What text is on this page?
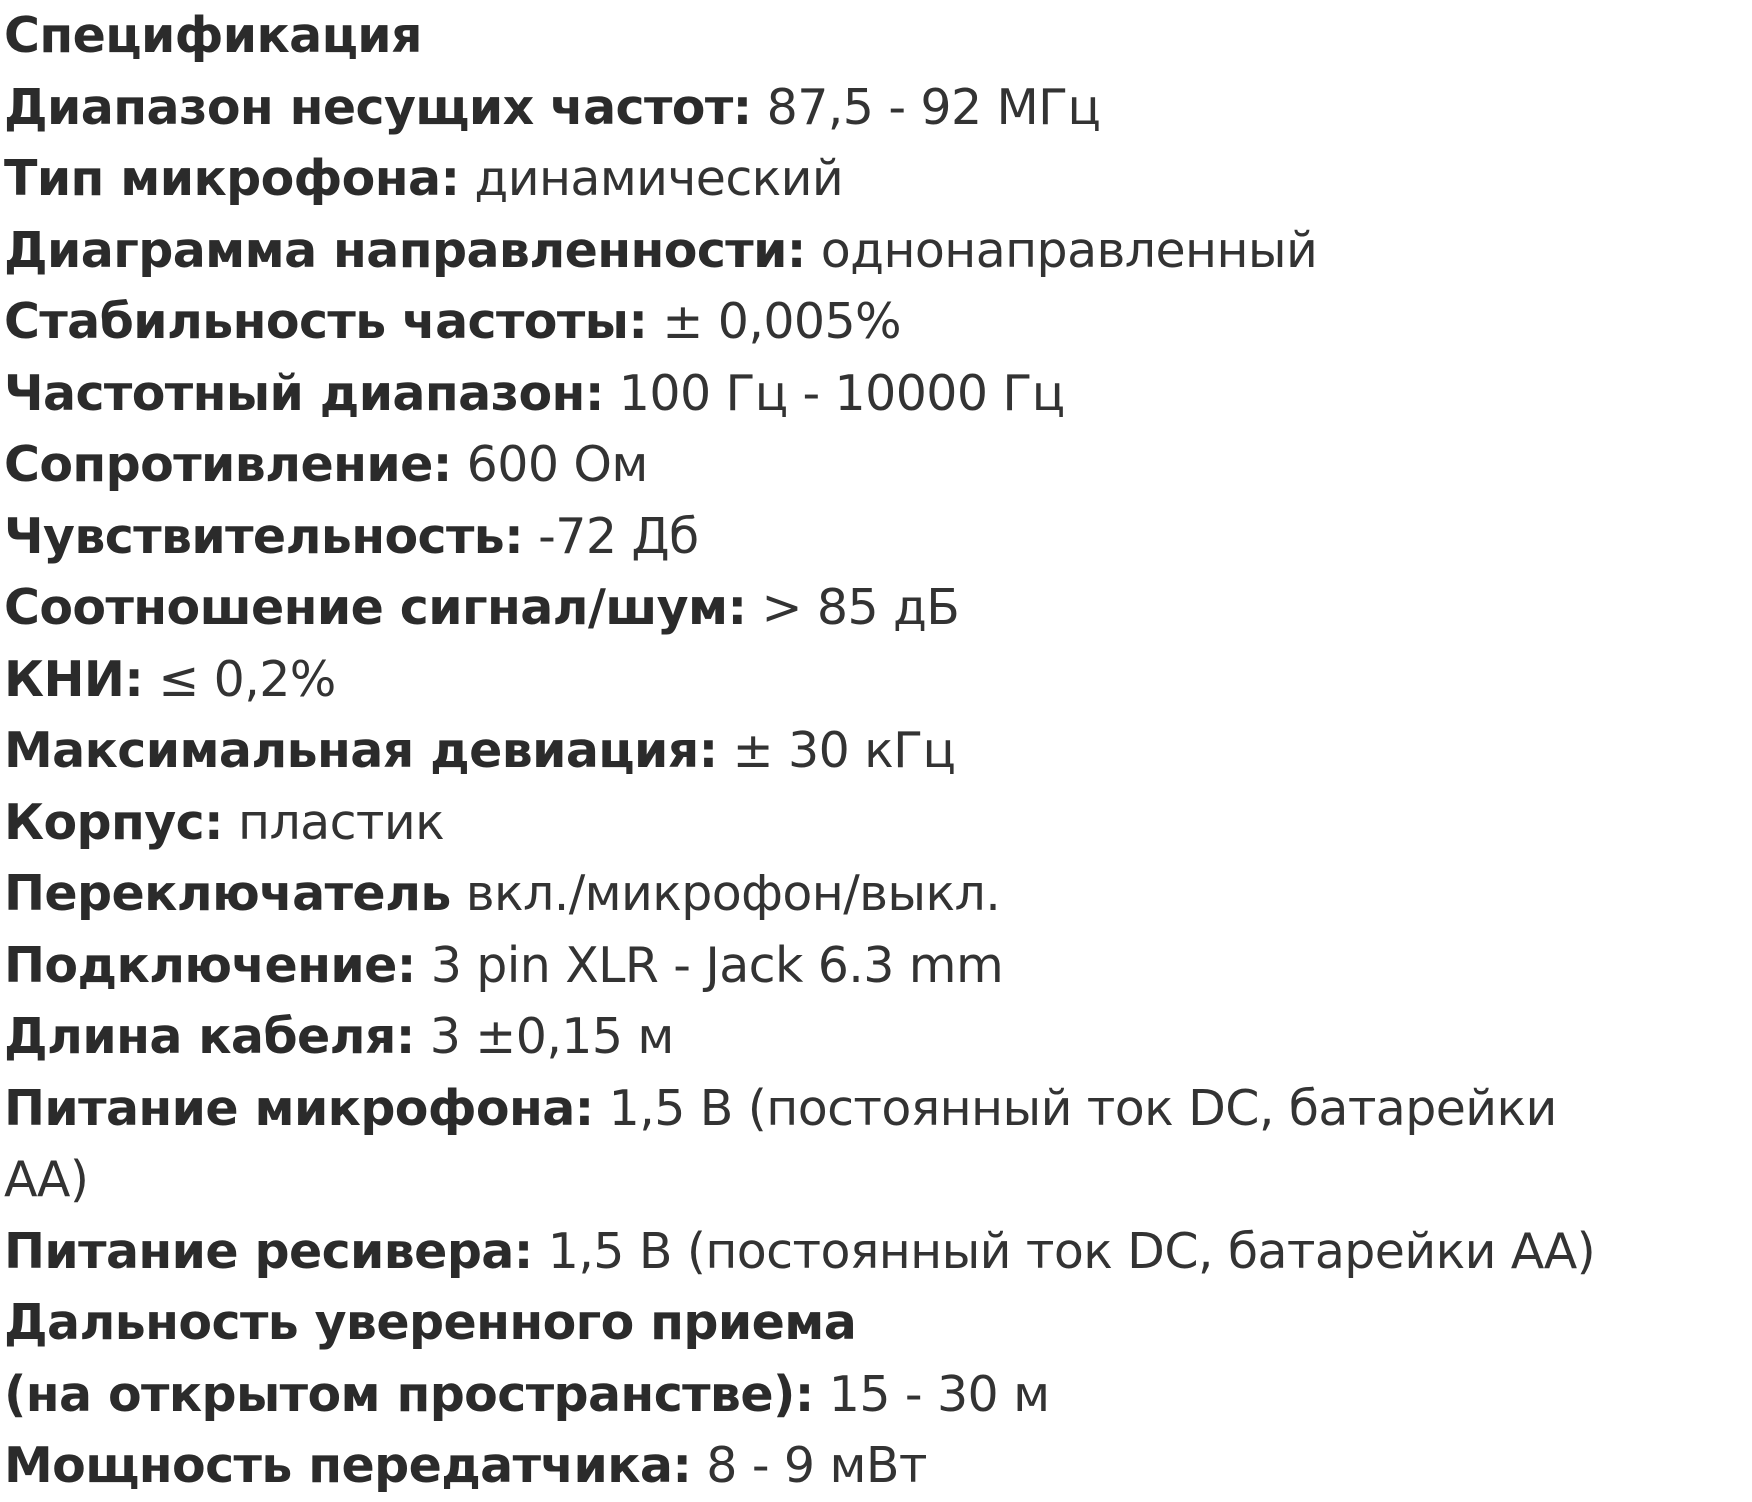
Спецификация
Диапазон несущих частот: 87,5 - 92 МГц
Тип микрофона: динамический
Диаграмма направленности: однонаправленный
Стабильность частоты: ± 0,005%
Частотный диапазон: 100 Гц - 10000 Гц
Сопротивление: 600 Ом
Чувствительность: -72 Дб
Соотношение сигнал/шум: > 85 дБ
КНИ: ≤ 0,2%
Максимальная девиация: ± 30 кГц
Корпус: пластик
Переключатель вкл./микрофон/выкл.
Подключение: 3 pin XLR - Jack 6.3 mm
Длина кабеля: 3 ±0,15 м
Питание микрофона: 1,5 В (постоянный ток DC, батарейки
АА)
Питание ресивера: 1,5 В (постоянный ток DC, батарейки АА)
Дальность уверенного приема
(на открытом пространстве): 15 - 30 м
Мощность передатчика: 8 - 9 мВт
